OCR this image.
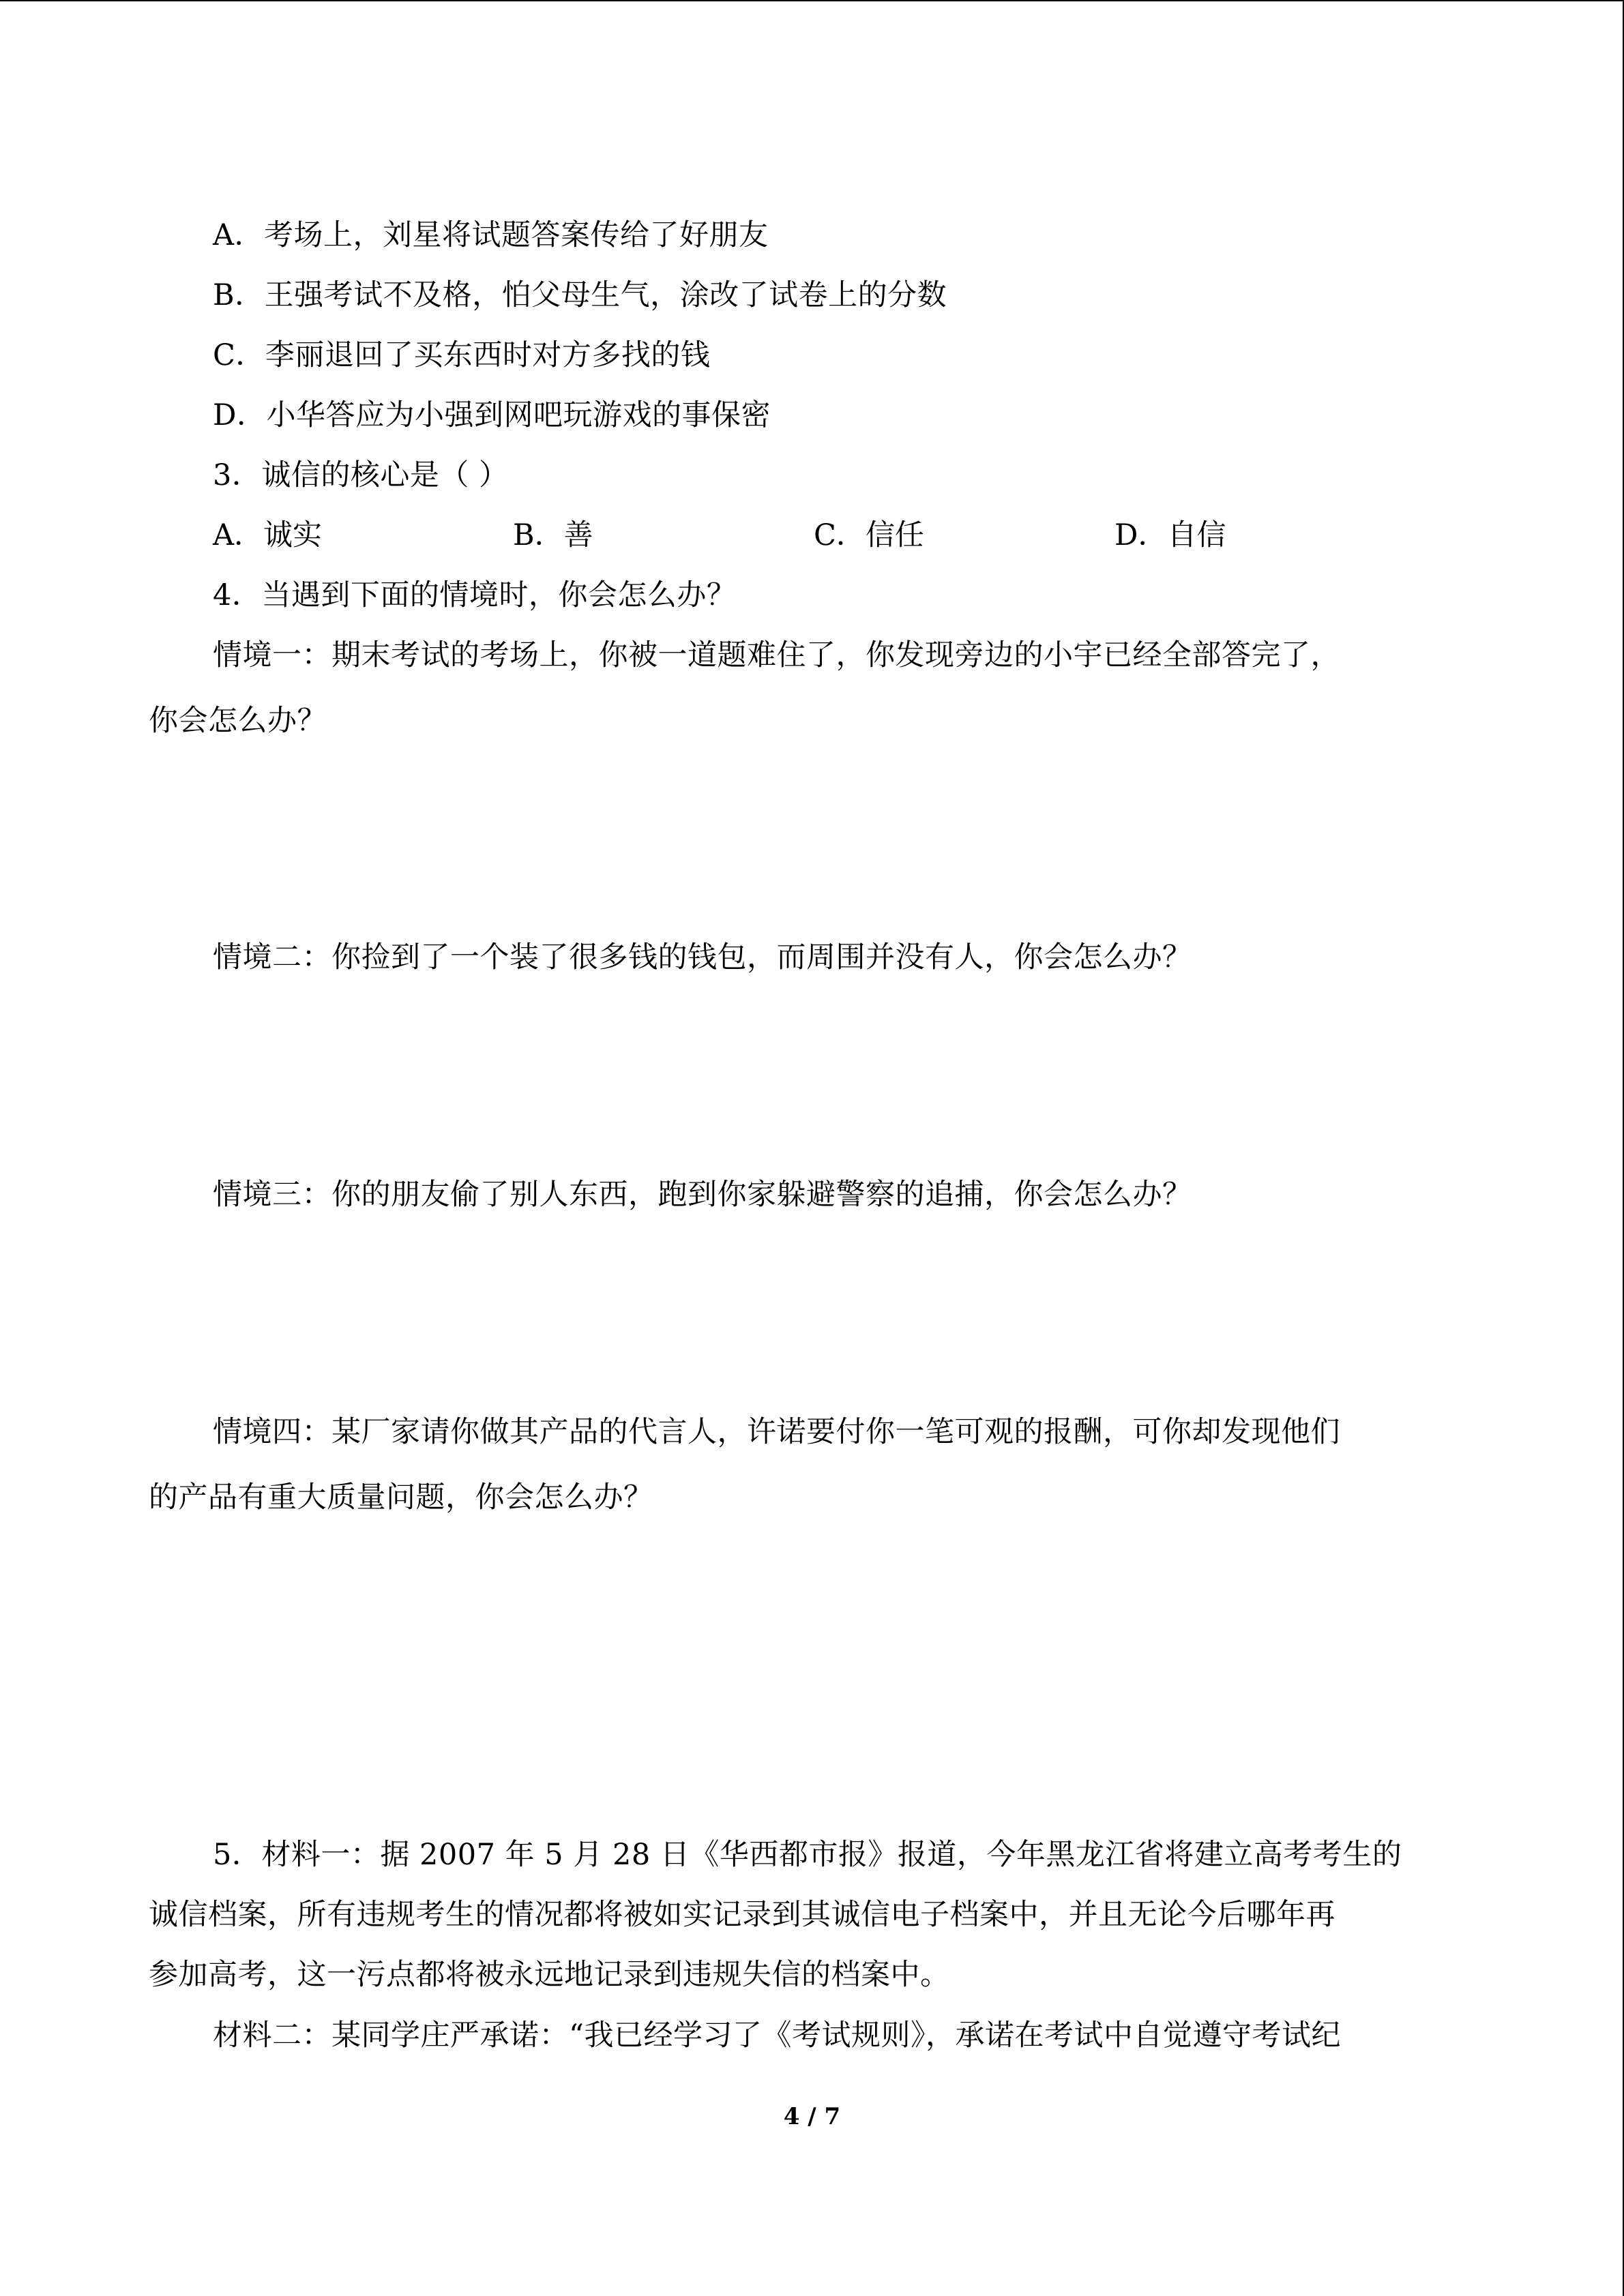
A．考场上，刘星将试题答案传给了好朋友
B．王强考试不及格，怕父母生气，涂改了试卷上的分数
C．李丽退回了买东西时对方多找的钱
D．小华答应为小强到网吧玩游戏的事保密
3．诚信的核心是（ ）
A．诚实	B．善	C．信任	D．自信
4．当遇到下面的情境时，你会怎么办？
情境一：期末考试的考场上，你被一道题难住了，你发现旁边的小宇已经全部答完了，
你会怎么办？
情境二：你捡到了一个装了很多钱的钱包，而周围并没有人，你会怎么办？
情境三：你的朋友偷了别人东西，跑到你家躲避警察的追捕，你会怎么办？
情境四：某厂家请你做其产品的代言人，许诺要付你一笔可观的报酬，可你却发现他们
的产品有重大质量问题，你会怎么办？
5．材料一：据 2007 年 5 月 28 日《华西都市报》报道，今年黑龙江省将建立高考考生的
诚信档案，所有违规考生的情况都将被如实记录到其诚信电子档案中，并且无论今后哪年再
参加高考，这一污点都将被永远地记录到违规失信的档案中。
材料二：某同学庄严承诺：“我已经学习了《考试规则》，承诺在考试中自觉遵守考试纪
4 / 7
